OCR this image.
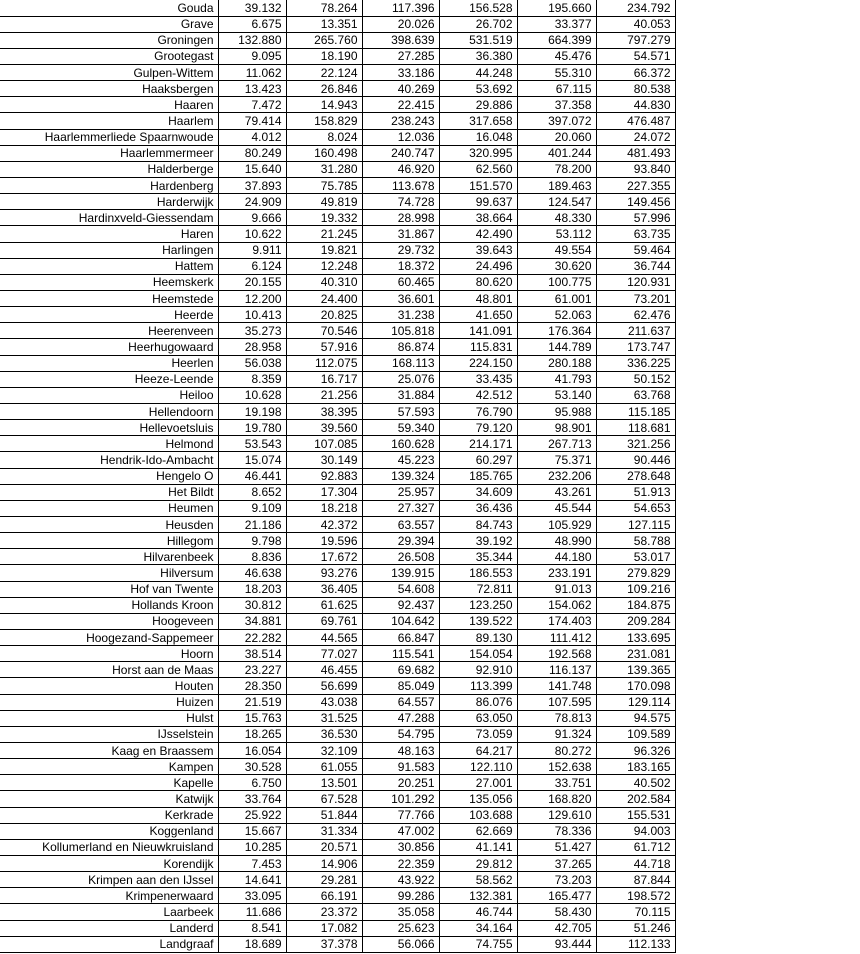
Gouda	39.132	78.264	117.396	156.528	195.660	234.792
Grave	6.675	13.351	20.026	26.702	33.377	40.053
Groningen	132.880	265.760	398.639	531.519	664.399	797.279
Grootegast	9.095	18.190	27.285	36.380	45.476	54.571
Gulpen-Wittem	11.062	22.124	33.186	44.248	55.310	66.372
Haaksbergen	13.423	26.846	40.269	53.692	67.115	80.538
Haaren	7.472	14.943	22.415	29.886	37.358	44.830
Haarlem	79.414	158.829	238.243	317.658	397.072	476.487
Haarlemmerliede Spaarnwoude	4.012	8.024	12.036	16.048	20.060	24.072
Haarlemmermeer	80.249	160.498	240.747	320.995	401.244	481.493
Halderberge	15.640	31.280	46.920	62.560	78.200	93.840
Hardenberg	37.893	75.785	113.678	151.570	189.463	227.355
Harderwijk	24.909	49.819	74.728	99.637	124.547	149.456
Hardinxveld-Giessendam	9.666	19.332	28.998	38.664	48.330	57.996
Haren	10.622	21.245	31.867	42.490	53.112	63.735
Harlingen	9.911	19.821	29.732	39.643	49.554	59.464
Hattem	6.124	12.248	18.372	24.496	30.620	36.744
Heemskerk	20.155	40.310	60.465	80.620	100.775	120.931
Heemstede	12.200	24.400	36.601	48.801	61.001	73.201
Heerde	10.413	20.825	31.238	41.650	52.063	62.476
Heerenveen	35.273	70.546	105.818	141.091	176.364	211.637
Heerhugowaard	28.958	57.916	86.874	115.831	144.789	173.747
Heerlen	56.038	112.075	168.113	224.150	280.188	336.225
Heeze-Leende	8.359	16.717	25.076	33.435	41.793	50.152
Heiloo	10.628	21.256	31.884	42.512	53.140	63.768
Hellendoorn	19.198	38.395	57.593	76.790	95.988	115.185
Hellevoetsluis	19.780	39.560	59.340	79.120	98.901	118.681
Helmond	53.543	107.085	160.628	214.171	267.713	321.256
Hendrik-Ido-Ambacht	15.074	30.149	45.223	60.297	75.371	90.446
Hengelo O	46.441	92.883	139.324	185.765	232.206	278.648
Het Bildt	8.652	17.304	25.957	34.609	43.261	51.913
Heumen	9.109	18.218	27.327	36.436	45.544	54.653
Heusden	21.186	42.372	63.557	84.743	105.929	127.115
Hillegom	9.798	19.596	29.394	39.192	48.990	58.788
Hilvarenbeek	8.836	17.672	26.508	35.344	44.180	53.017
Hilversum	46.638	93.276	139.915	186.553	233.191	279.829
Hof van Twente	18.203	36.405	54.608	72.811	91.013	109.216
Hollands Kroon	30.812	61.625	92.437	123.250	154.062	184.875
Hoogeveen	34.881	69.761	104.642	139.522	174.403	209.284
Hoogezand-Sappemeer	22.282	44.565	66.847	89.130	111.412	133.695
Hoorn	38.514	77.027	115.541	154.054	192.568	231.081
Horst aan de Maas	23.227	46.455	69.682	92.910	116.137	139.365
Houten	28.350	56.699	85.049	113.399	141.748	170.098
Huizen	21.519	43.038	64.557	86.076	107.595	129.114
Hulst	15.763	31.525	47.288	63.050	78.813	94.575
IJsselstein	18.265	36.530	54.795	73.059	91.324	109.589
Kaag en Braassem	16.054	32.109	48.163	64.217	80.272	96.326
Kampen	30.528	61.055	91.583	122.110	152.638	183.165
Kapelle	6.750	13.501	20.251	27.001	33.751	40.502
Katwijk	33.764	67.528	101.292	135.056	168.820	202.584
Kerkrade	25.922	51.844	77.766	103.688	129.610	155.531
Koggenland	15.667	31.334	47.002	62.669	78.336	94.003
Kollumerland en Nieuwkruisland	10.285	20.571	30.856	41.141	51.427	61.712
Korendijk	7.453	14.906	22.359	29.812	37.265	44.718
Krimpen aan den IJssel	14.641	29.281	43.922	58.562	73.203	87.844
Krimpenerwaard	33.095	66.191	99.286	132.381	165.477	198.572
Laarbeek	11.686	23.372	35.058	46.744	58.430	70.115
Landerd	8.541	17.082	25.623	34.164	42.705	51.246
Landgraaf	18.689	37.378	56.066	74.755	93.444	112.133
